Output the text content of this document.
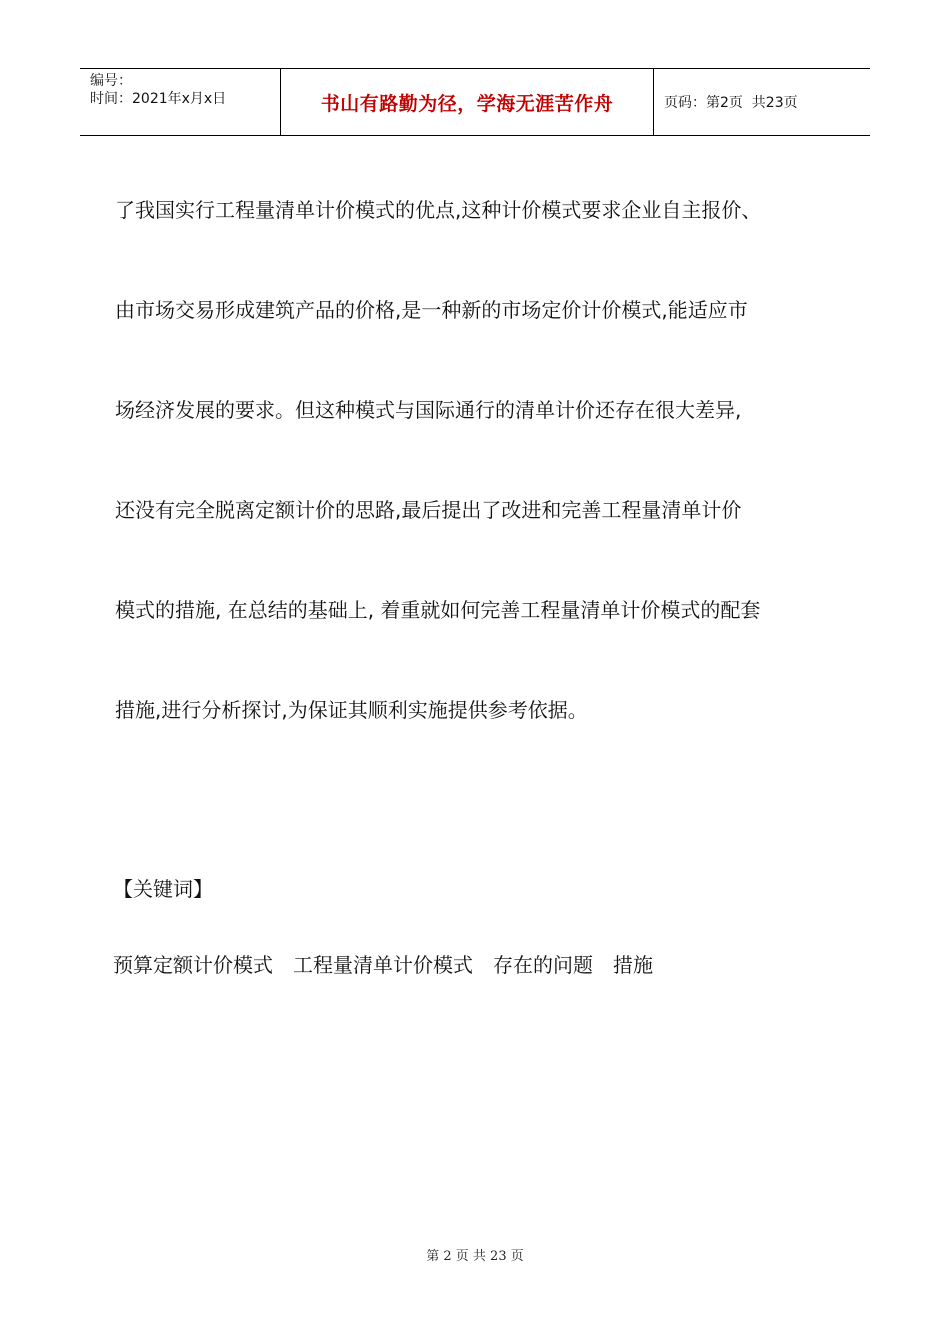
编号：
时间：2021年x月x日	书山有路勤为径，学海无涯苦作舟	页码：第2页  共23页

了我国实行工程量清单计价模式的优点,这种计价模式要求企业自主报价、

由市场交易形成建筑产品的价格,是一种新的市场定价计价模式,能适应市

场经济发展的要求。但这种模式与国际通行的清单计价还存在很大差异,

还没有完全脱离定额计价的思路,最后提出了改进和完善工程量清单计价

模式的措施, 在总结的基础上, 着重就如何完善工程量清单计价模式的配套

措施,进行分析探讨,为保证其顺利实施提供参考依据。

【关键词】

预算定额计价模式 工程量清单计价模式 存在的问题 措施
第 2 页 共 23 页
